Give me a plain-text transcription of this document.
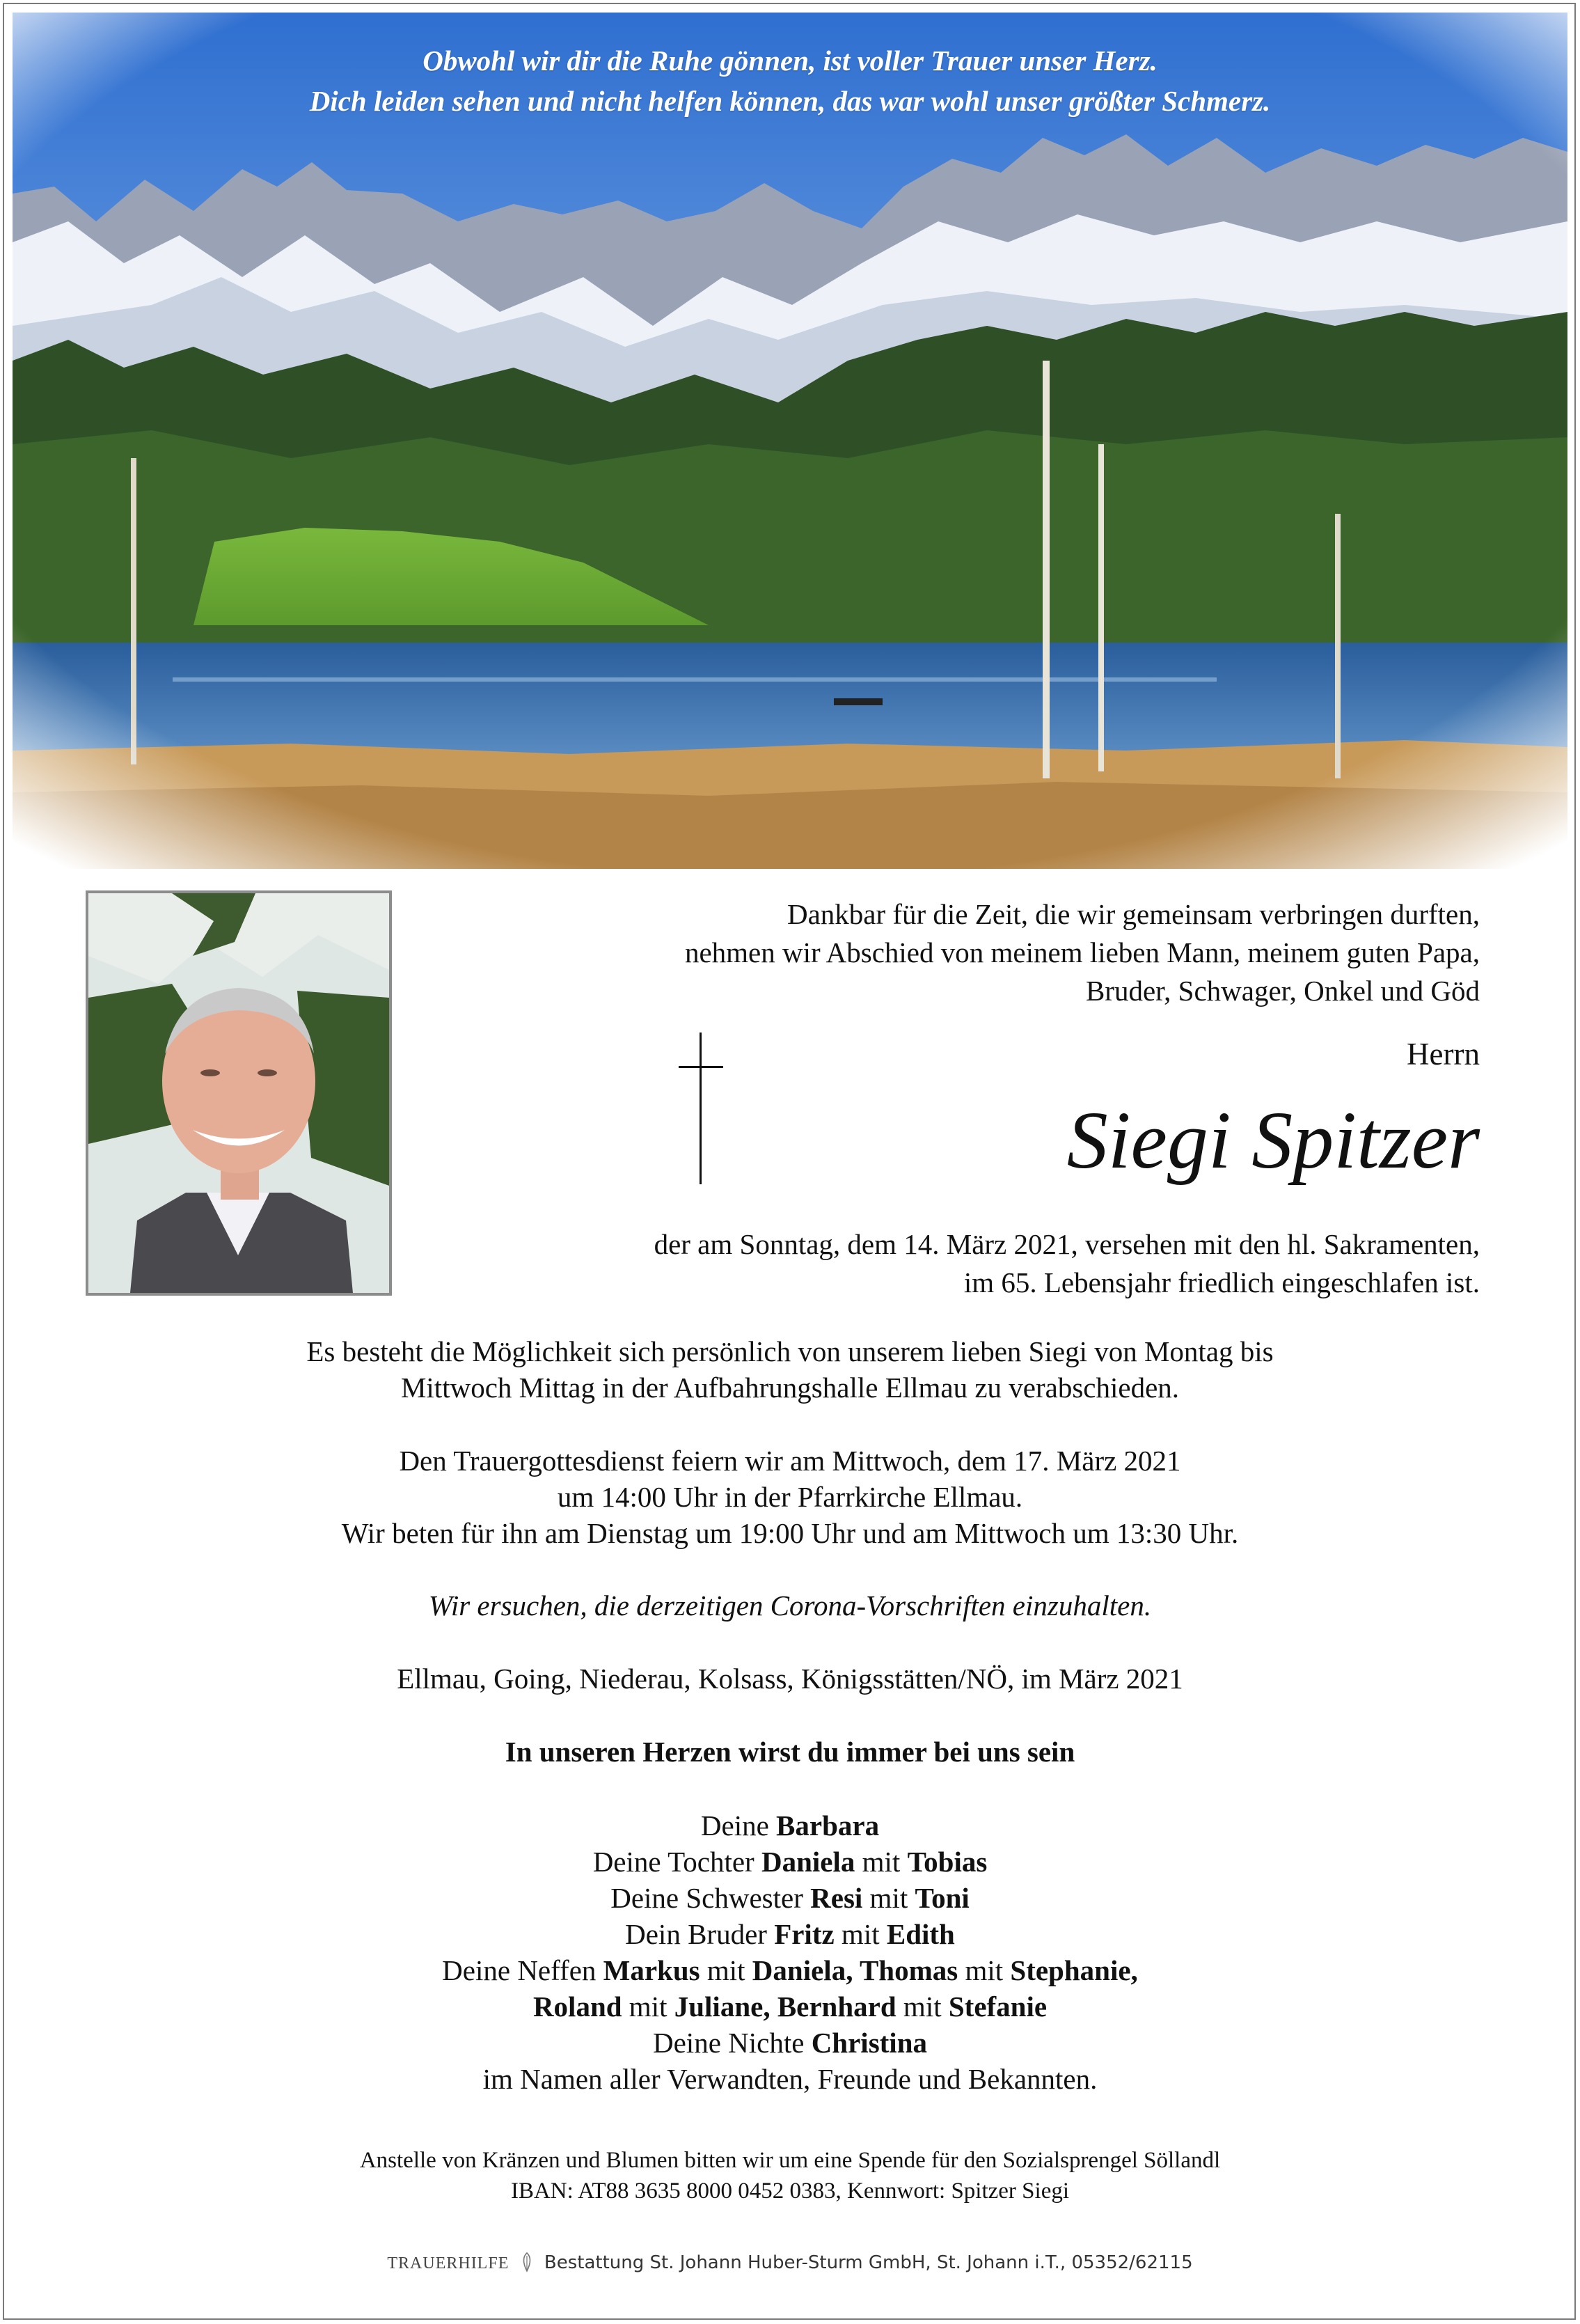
Obwohl wir dir die Ruhe gönnen, ist voller Trauer unser Herz.
Dich leiden sehen und nicht helfen können, das war wohl unser größter Schmerz.
Dankbar für die Zeit, die wir gemeinsam verbringen durften,
nehmen wir Abschied von meinem lieben Mann, meinem guten Papa,
Bruder, Schwager, Onkel und Göd
Herrn
Siegi Spitzer
der am Sonntag, dem 14. März 2021, versehen mit den hl. Sakramenten,
im 65. Lebensjahr friedlich eingeschlafen ist.
Es besteht die Möglichkeit sich persönlich von unserem lieben Siegi von Montag bis
Mittwoch Mittag in der Aufbahrungshalle Ellmau zu verabschieden.
Den Trauergottesdienst feiern wir am Mittwoch, dem 17. März 2021
um 14:00 Uhr in der Pfarrkirche Ellmau.
Wir beten für ihn am Dienstag um 19:00 Uhr und am Mittwoch um 13:30 Uhr.
Wir ersuchen, die derzeitigen Corona-Vorschriften einzuhalten.
Ellmau, Going, Niederau, Kolsass, Königsstätten/NÖ, im März 2021
In unseren Herzen wirst du immer bei uns sein
Deine Barbara
Deine Tochter Daniela mit Tobias
Deine Schwester Resi mit Toni
Dein Bruder Fritz mit Edith
Deine Neffen Markus mit Daniela, Thomas mit Stephanie,
Roland mit Juliane, Bernhard mit Stefanie
Deine Nichte Christina
im Namen aller Verwandten, Freunde und Bekannten.
Anstelle von Kränzen und Blumen bitten wir um eine Spende für den Sozialsprengel Söllandl
IBAN: AT88 3635 8000 0452 0383, Kennwort: Spitzer Siegi
TRAUERHILFE Bestattung St. Johann Huber-Sturm GmbH, St. Johann i.T., 05352/62115
